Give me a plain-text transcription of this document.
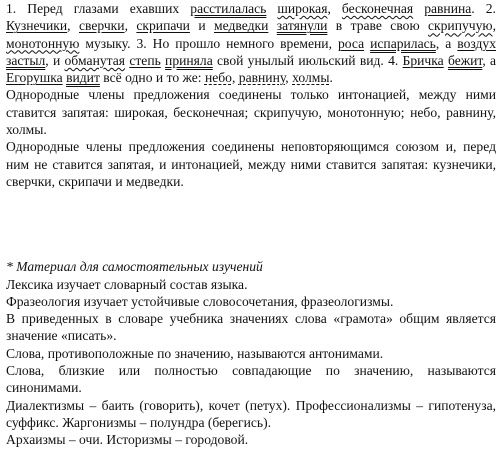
1. Перед глазами ехавших расстилалась широкая, бесконечная равнина. 2. Кузнечики, сверчки, скрипачи и медведки затянули в траве свою скрипучую, монотонную музыку. 3. Но прошло немного времени, роса испарилась, а воздух застыл, и обманутая степь приняла свой унылый июльский вид. 4. Бричка бежит, а Егорушка видит всё одно и то же: небо, равнину, холмы.

Однородные члены предложения соединены только интонацией, между ними ставится запятая: широкая, бесконечная; скрипучую, монотонную; небо, равнину, холмы.

Однородные члены предложения соединены неповторяющимся союзом и, перед ним не ставится запятая, и интонацией, между ними ставится запятая: кузнечики, сверчки, скрипачи и медведки.

* Материал для самостоятельных изучений

Лексика изучает словарный состав языка.

Фразеология изучает устойчивые словосочетания, фразеологизмы.

В приведенных в словаре учебника значениях слова «грамота» общим является значение «писать».

Слова, противоположные по значению, называются антонимами.

Слова, близкие или полностью совпадающие по значению, называются синонимами.

Диалектизмы – баить (говорить), кочет (петух). Профессионализмы – гипотенуза, суффикс. Жаргонизмы – полундра (берегись).

Архаизмы – очи. Историзмы – городовой.
